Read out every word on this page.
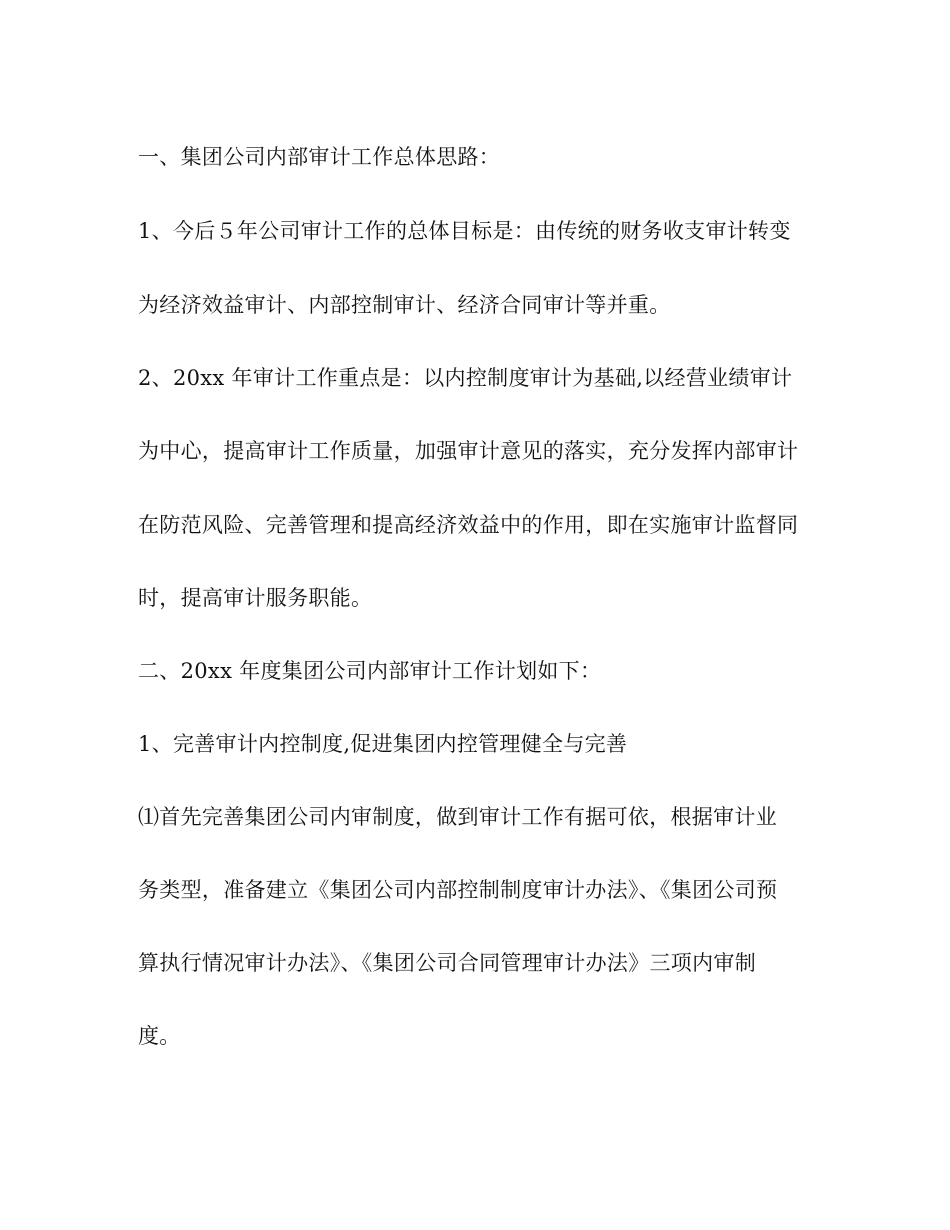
一、集团公司内部审计工作总体思路：
1、今后５年公司审计工作的总体目标是：由传统的财务收支审计转变
为经济效益审计、内部控制审计、经济合同审计等并重。
2、20xx 年审计工作重点是：以内控制度审计为基础,以经营业绩审计
为中心，提高审计工作质量，加强审计意见的落实，充分发挥内部审计
在防范风险、完善管理和提高经济效益中的作用，即在实施审计监督同
时，提高审计服务职能。
二、20xx 年度集团公司内部审计工作计划如下：
1、完善审计内控制度,促进集团内控管理健全与完善
⑴首先完善集团公司内审制度，做到审计工作有据可依，根据审计业
务类型，准备建立《集团公司内部控制制度审计办法》、《集团公司预
算执行情况审计办法》、《集团公司合同管理审计办法》三项内审制
度。
